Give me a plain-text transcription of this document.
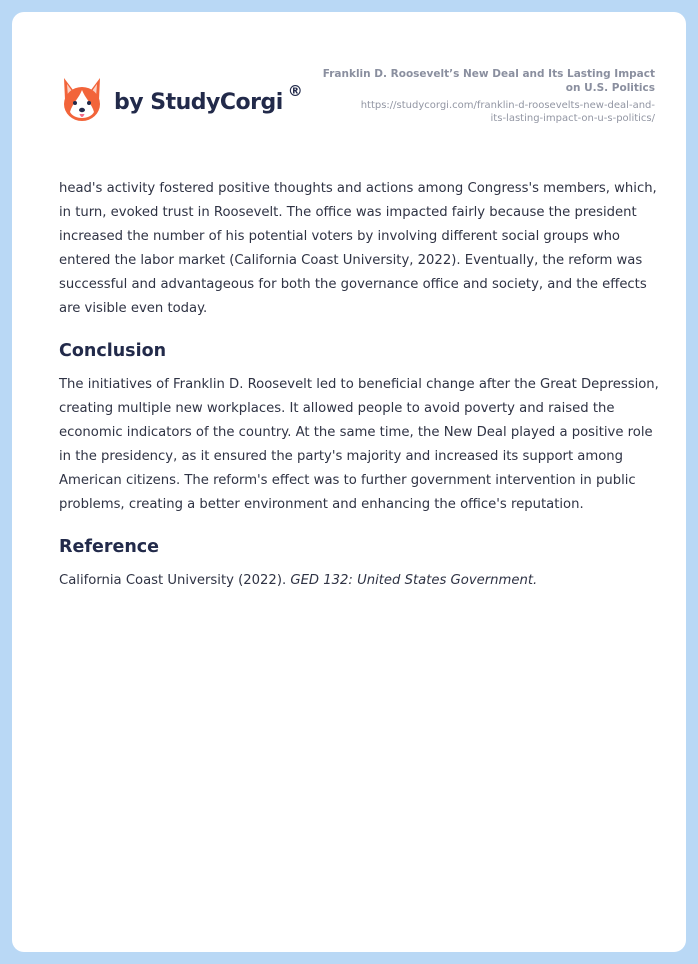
by StudyCorgi ®
Franklin D. Roosevelt’s New Deal and Its Lasting Impact
on U.S. Politics
https://studycorgi.com/franklin-d-roosevelts-new-deal-and-
its-lasting-impact-on-u-s-politics/

head's activity fostered positive thoughts and actions among Congress's members, which, in turn, evoked trust in Roosevelt. The office was impacted fairly because the president increased the number of his potential voters by involving different social groups who entered the labor market (California Coast University, 2022). Eventually, the reform was successful and advantageous for both the governance office and society, and the effects are visible even today.

Conclusion

The initiatives of Franklin D. Roosevelt led to beneficial change after the Great Depression, creating multiple new workplaces. It allowed people to avoid poverty and raised the economic indicators of the country. At the same time, the New Deal played a positive role in the presidency, as it ensured the party's majority and increased its support among American citizens. The reform's effect was to further government intervention in public problems, creating a better environment and enhancing the office's reputation.

Reference

California Coast University (2022). GED 132: United States Government.
